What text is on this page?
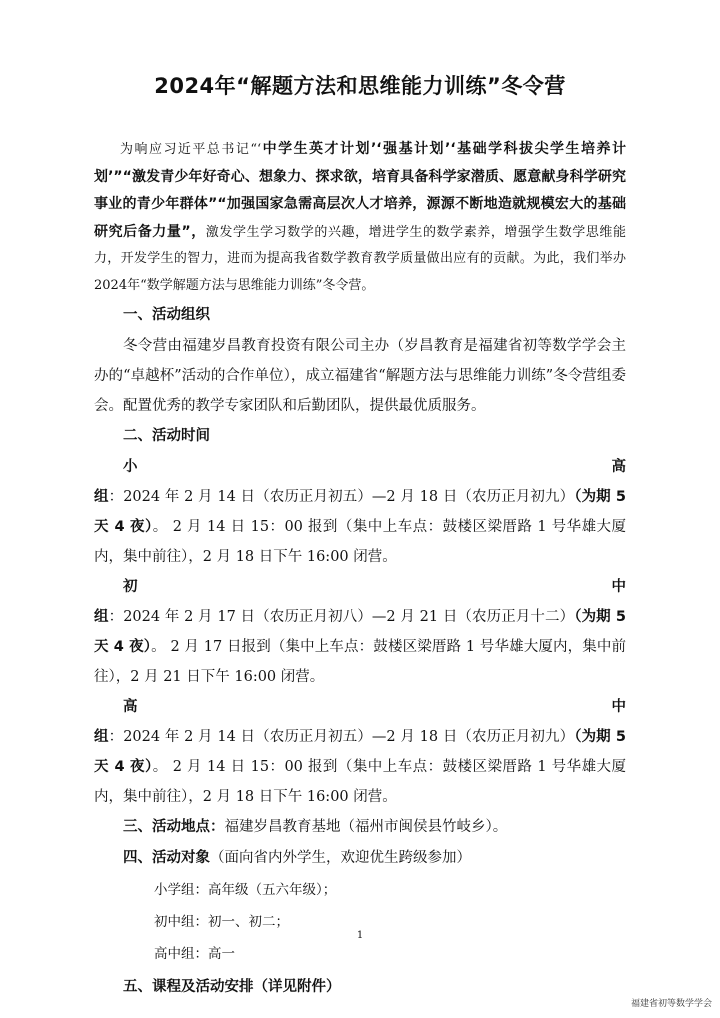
2024年“解题方法和思维能力训练”冬令营

为响应习近平总书记“‘中学生英才计划’‘强基计划’‘基础学科拔尖学生培养计划’”“激发青少年好奇心、想象力、探求欲，培育具备科学家潜质、愿意献身科学研究事业的青少年群体”“加强国家急需高层次人才培养，源源不断地造就规模宏大的基础研究后备力量”，激发学生学习数学的兴趣，增进学生的数学素养，增强学生数学思维能力，开发学生的智力，进而为提高我省数学教育教学质量做出应有的贡献。为此，我们举办 2024年“数学解题方法与思维能力训练”冬令营。

一、活动组织

冬令营由福建岁昌教育投资有限公司主办（岁昌教育是福建省初等数学学会主办的“卓越杯”活动的合作单位），成立福建省“解题方法与思维能力训练”冬令营组委会。配置优秀的教学专家团队和后勤团队，提供最优质服务。

二、活动时间

小高组：2024 年 2 月 14 日（农历正月初五）—2 月 18 日（农历正月初九）（为期 5 天 4 夜）。 2 月 14 日 15：00 报到（集中上车点：鼓楼区梁厝路 1 号华雄大厦内，集中前往），2 月 18 日下午 16:00 闭营。

初中组：2024 年 2 月 17 日（农历正月初八）—2 月 21 日（农历正月十二）（为期 5 天 4 夜）。 2 月 17 日报到（集中上车点：鼓楼区梁厝路 1 号华雄大厦内，集中前往），2 月 21 日下午 16:00 闭营。

高中组：2024 年 2 月 14 日（农历正月初五）—2 月 18 日（农历正月初九）（为期 5 天 4 夜）。 2 月 14 日 15：00 报到（集中上车点：鼓楼区梁厝路 1 号华雄大厦内，集中前往），2 月 18 日下午 16:00 闭营。

三、活动地点：福建岁昌教育基地（福州市闽侯县竹岐乡）。

四、活动对象（面向省内外学生，欢迎优生跨级参加）

小学组：高年级（五六年级）；

初中组：初一、初二；

高中组：高一

五、课程及活动安排（详见附件）

1
福建省初等数学学会
